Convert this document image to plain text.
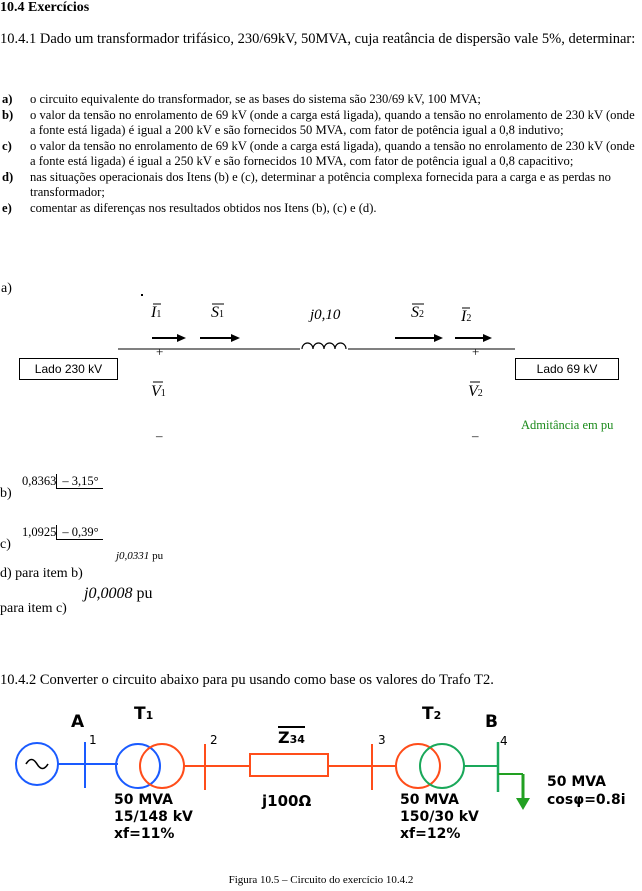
10.4 Exercícios
10.4.1 Dado um transformador trifásico, 230/69kV, 50MVA, cuja reatância de dispersão vale 5%, determinar:
a) o circuito equivalente do transformador, se as bases do sistema são 230/69 kV, 100 MVA;
b) o valor da tensão no enrolamento de 69 kV (onde a carga está ligada), quando a tensão no enrolamento de 230 kV (onde a fonte está ligada) é igual a 200 kV e são fornecidos 50 MVA, com fator de potência igual a 0,8 indutivo;
c) o valor da tensão no enrolamento de 69 kV (onde a carga está ligada), quando a tensão no enrolamento de 230 kV (onde a fonte está ligada) é igual a 250 kV e são fornecidos 10 MVA, com fator de potência igual a 0,8 capacitivo;
d) nas situações operacionais dos Itens (b) e (c), determinar a potência complexa fornecida para a carga e as perdas no transformador;
e) comentar as diferenças nos resultados obtidos nos Itens (b), (c) e (d).
a)
Lado 230 kV	Lado 69 kV
I1	S1	j0,10	S2 I2
+	+
V1	V2
Admitância em pu
–	–
b)
0,8363 – 3,15°
c)
1,0925 – 0,39°
d) para item b)
j0,0331 pu
para item c)
j0,0008 pu
10.4.2 Converter o circuito abaixo para pu usando como base os valores do Trafo T2.
A
1
T1
2	Z34	3
T2	B
4
50 MVA
15/148 kV
xf=11%
j100Ω	50 MVA
150/30 kV
xf=12%
50 MVA
cosφ=0.8i
Figura 10.5 – Circuito do exercício 10.4.2
